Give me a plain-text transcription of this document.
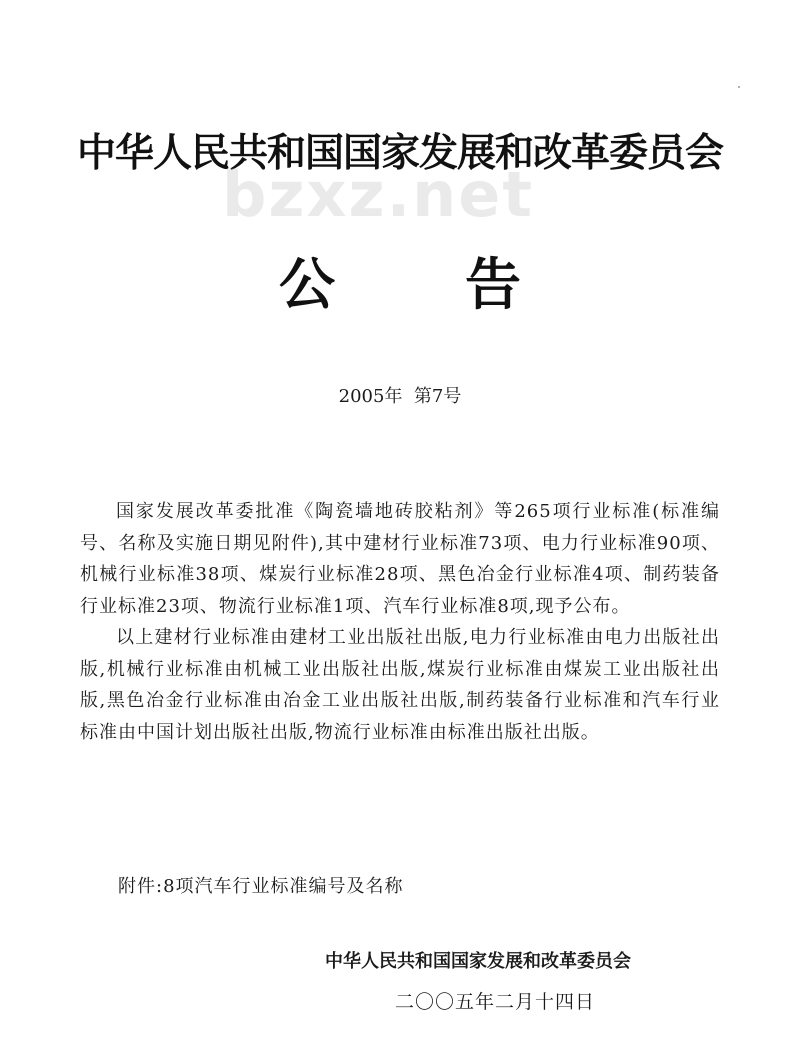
中华人民共和国国家发展和改革委员会
bzxz.net
公告
2005年  第7号

国家发展改革委批准《陶瓷墙地砖胶粘剂》等265项行业标准(标准编号、名称及实施日期见附件),其中建材行业标准73项、电力行业标准90项、机械行业标准38项、煤炭行业标准28项、黑色冶金行业标准4项、制药装备行业标准23项、物流行业标准1项、汽车行业标准8项,现予公布。

以上建材行业标准由建材工业出版社出版,电力行业标准由电力出版社出版,机械行业标准由机械工业出版社出版,煤炭行业标准由煤炭工业出版社出版,黑色冶金行业标准由冶金工业出版社出版,制药装备行业标准和汽车行业标准由中国计划出版社出版,物流行业标准由标准出版社出版。

附件:8项汽车行业标准编号及名称
中华人民共和国国家发展和改革委员会
二〇〇五年二月十四日
